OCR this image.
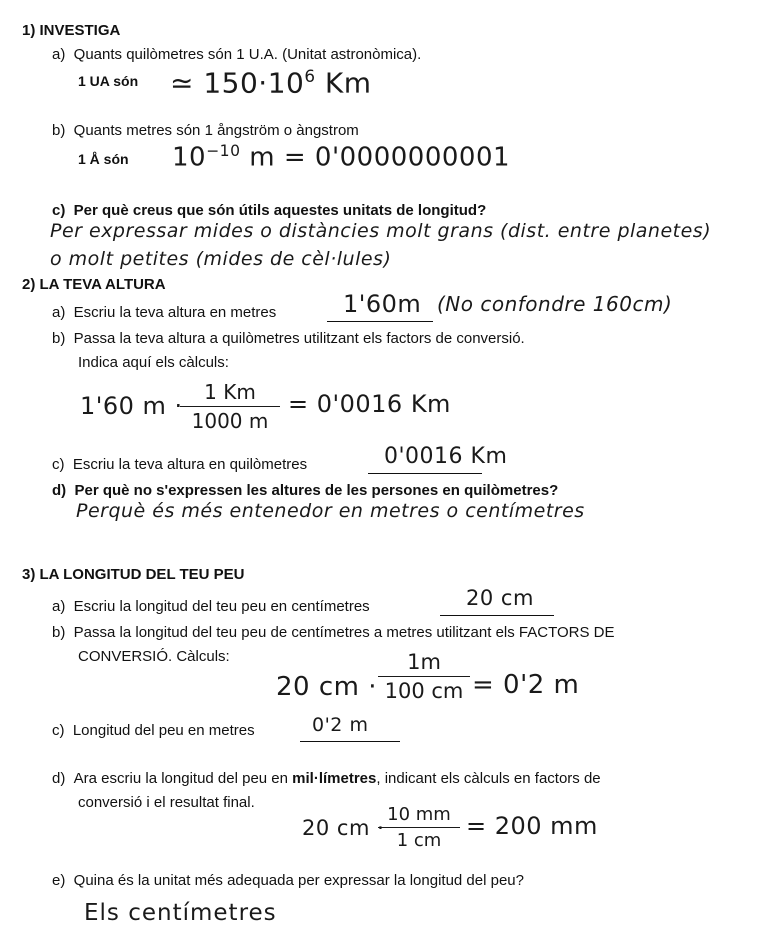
1) INVESTIGA
a)  Quants quilòmetres són 1 U.A. (Unitat astronòmica).
1 UA són ≃ $150\cdot 10^6$ Km
b)  Quants metres són 1 ångström o àngstrom
1 Å són $10^{-10}$ m = 0'0000000001
c)  Per què creus que són útils aquestes unitats de longitud?
Per expressar mides o distàncies molt grans (dist. entre planetes)
o molt petites (mides de cèl·lules)
2) LA TEVA ALTURA
a)  Escriu la teva altura en metres	1'60m (No confondre 160cm)
b)  Passa la teva altura a quilòmetres utilitzant els factors de conversió.
Indica aquí els càlculs:
1'60 m ·	1 Km
1000 m
= 0'0016 Km
c)  Escriu la teva altura en quilòmetres	0'0016 Km
d)  Per què no s'expressen les altures de les persones en quilòmetres?
Perquè és més entenedor en metres o centímetres
3) LA LONGITUD DEL TEU PEU
a)  Escriu la longitud del teu peu en centímetres	20 cm
b)  Passa la longitud del teu peu de centímetres a metres utilitzant els FACTORS DE
CONVERSIÓ. Càlculs:
20 cm ·
1m
100 cm = 0'2 m
c)  Longitud del peu en metres	0'2 m
d)  Ara escriu la longitud del peu en mil·límetres, indicant els càlculs en factors de
conversió i el resultat final.
20 cm ·
10 mm
1 cm
= 200 mm
e)  Quina és la unitat més adequada per expressar la longitud del peu?
Els centímetres
